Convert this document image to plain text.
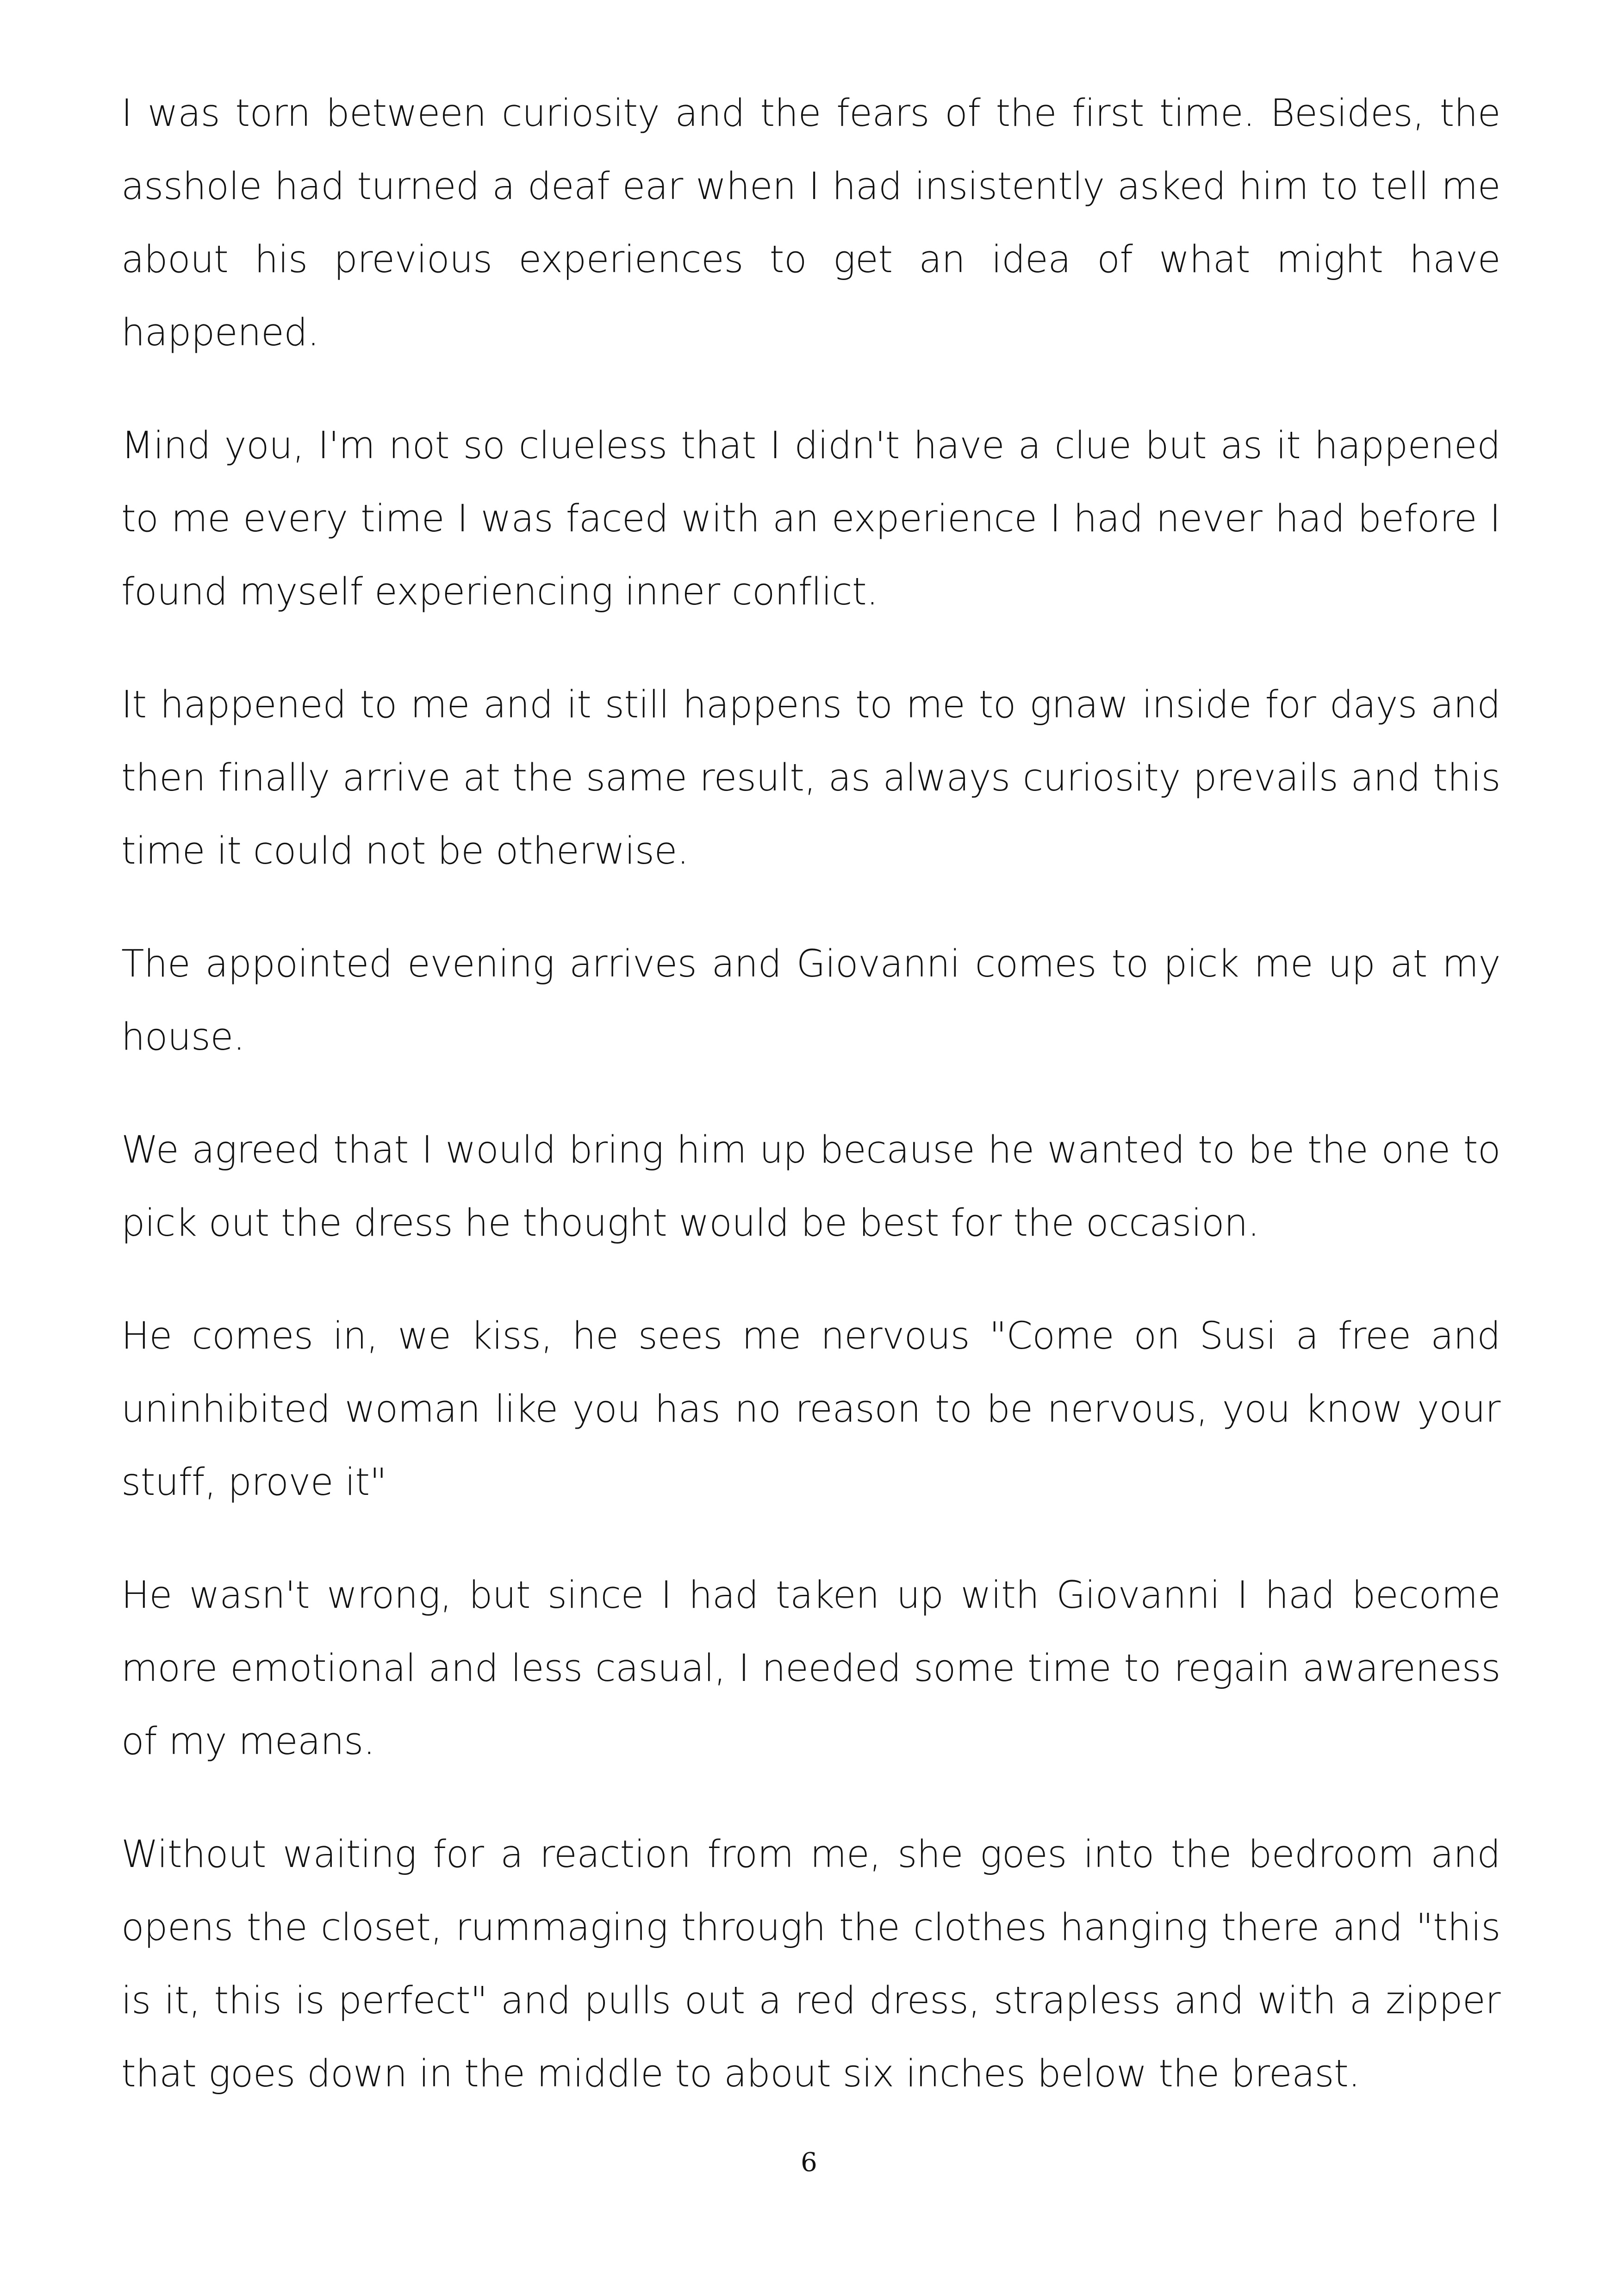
I was torn between curiosity and the fears of the first time. Besides, the asshole had turned a deaf ear when I had insistently asked him to tell me about his previous experiences to get an idea of what might have happened.

Mind you, I'm not so clueless that I didn't have a clue but as it happened to me every time I was faced with an experience I had never had before I found myself experiencing inner conflict.

It happened to me and it still happens to me to gnaw inside for days and then finally arrive at the same result, as always curiosity prevails and this time it could not be otherwise.

The appointed evening arrives and Giovanni comes to pick me up at my house.

We agreed that I would bring him up because he wanted to be the one to pick out the dress he thought would be best for the occasion.

He comes in, we kiss, he sees me nervous "Come on Susi a free and uninhibited woman like you has no reason to be nervous, you know your stuff, prove it"

He wasn't wrong, but since I had taken up with Giovanni I had become more emotional and less casual, I needed some time to regain awareness of my means.

Without waiting for a reaction from me, she goes into the bedroom and opens the closet, rummaging through the clothes hanging there and "this is it, this is perfect" and pulls out a red dress, strapless and with a zipper that goes down in the middle to about six inches below the breast.

6
